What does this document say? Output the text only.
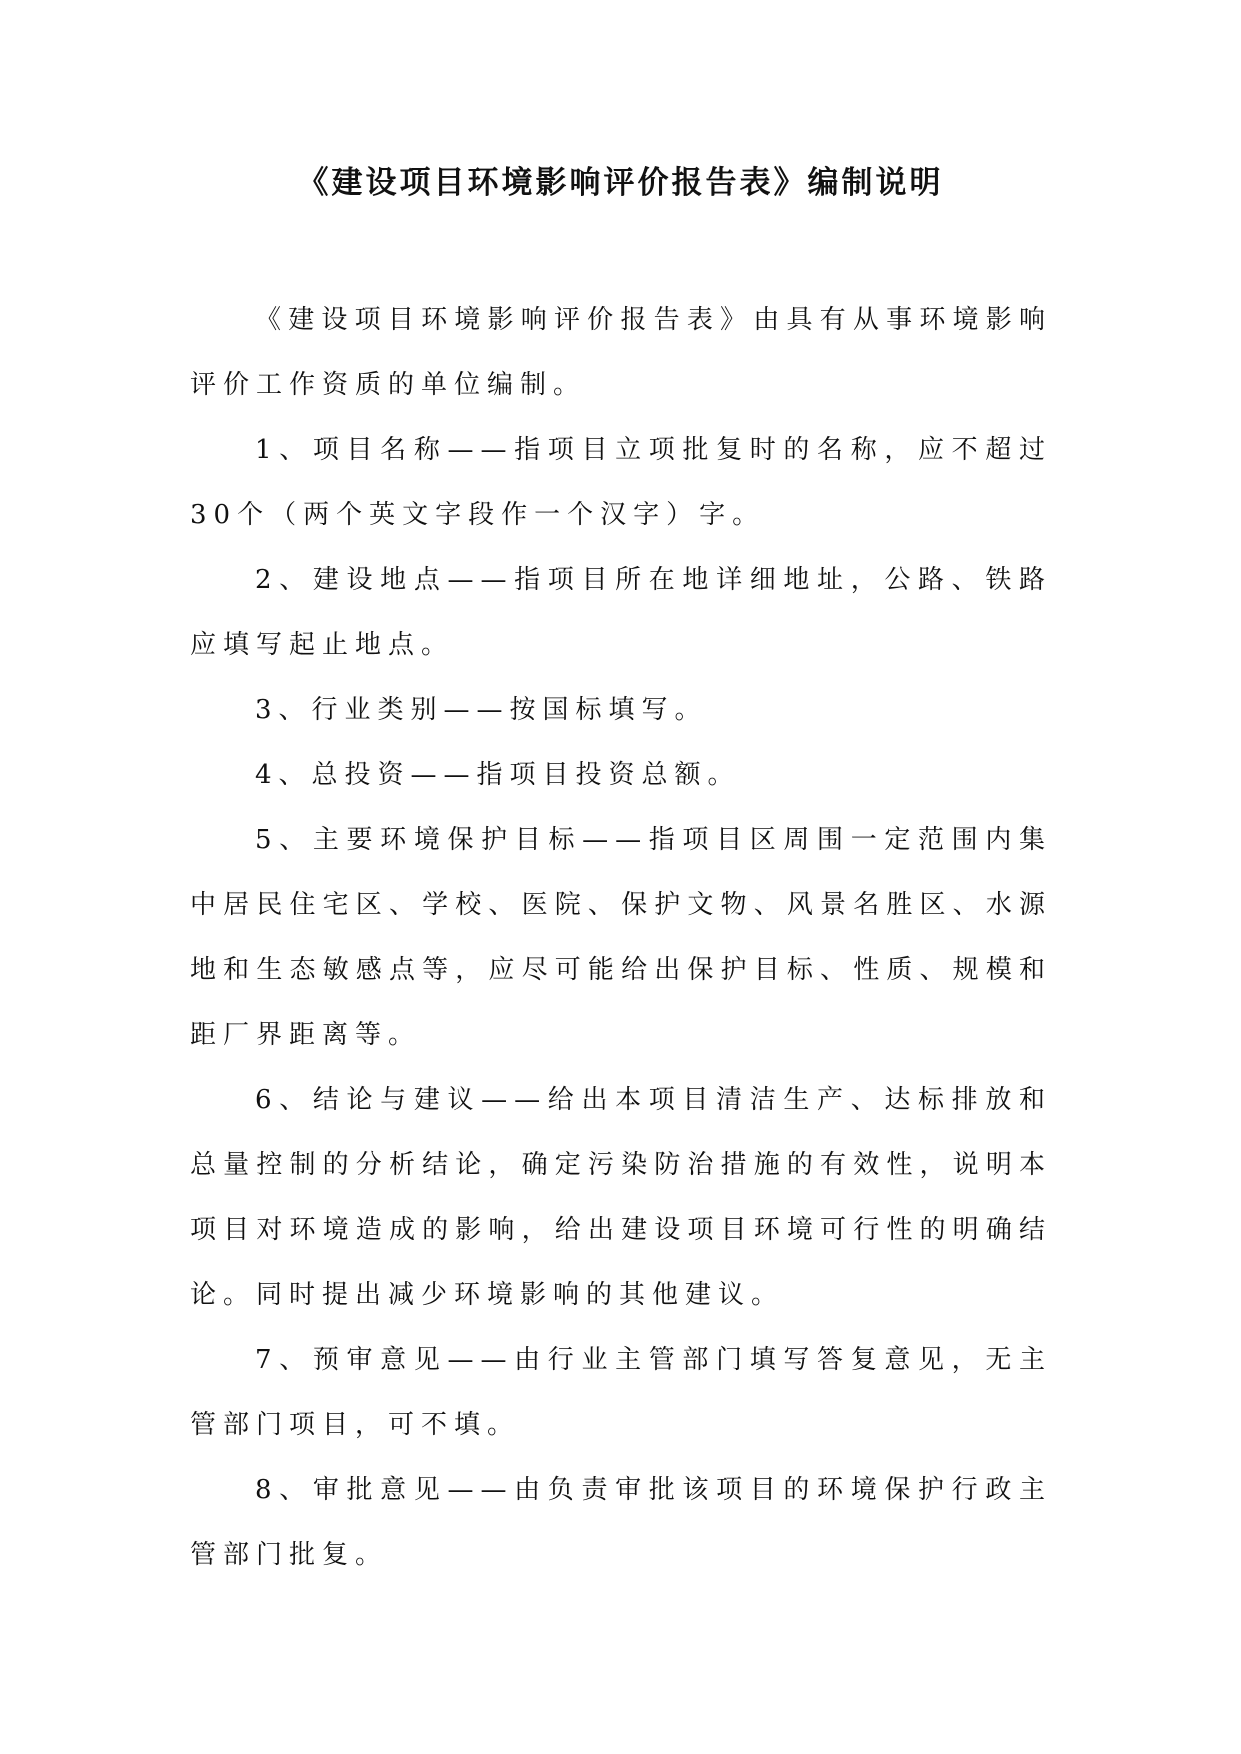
《建设项目环境影响评价报告表》编制说明

《建设项目环境影响评价报告表》由具有从事环境影响评价工作资质的单位编制。

1、项目名称——指项目立项批复时的名称，应不超过30个（两个英文字段作一个汉字）字。

2、建设地点——指项目所在地详细地址，公路、铁路应填写起止地点。

3、行业类别——按国标填写。

4、总投资——指项目投资总额。

5、主要环境保护目标——指项目区周围一定范围内集中居民住宅区、学校、医院、保护文物、风景名胜区、水源地和生态敏感点等，应尽可能给出保护目标、性质、规模和距厂界距离等。

6、结论与建议——给出本项目清洁生产、达标排放和总量控制的分析结论，确定污染防治措施的有效性，说明本项目对环境造成的影响，给出建设项目环境可行性的明确结论。同时提出减少环境影响的其他建议。

7、预审意见——由行业主管部门填写答复意见，无主管部门项目，可不填。

8、审批意见——由负责审批该项目的环境保护行政主管部门批复。
